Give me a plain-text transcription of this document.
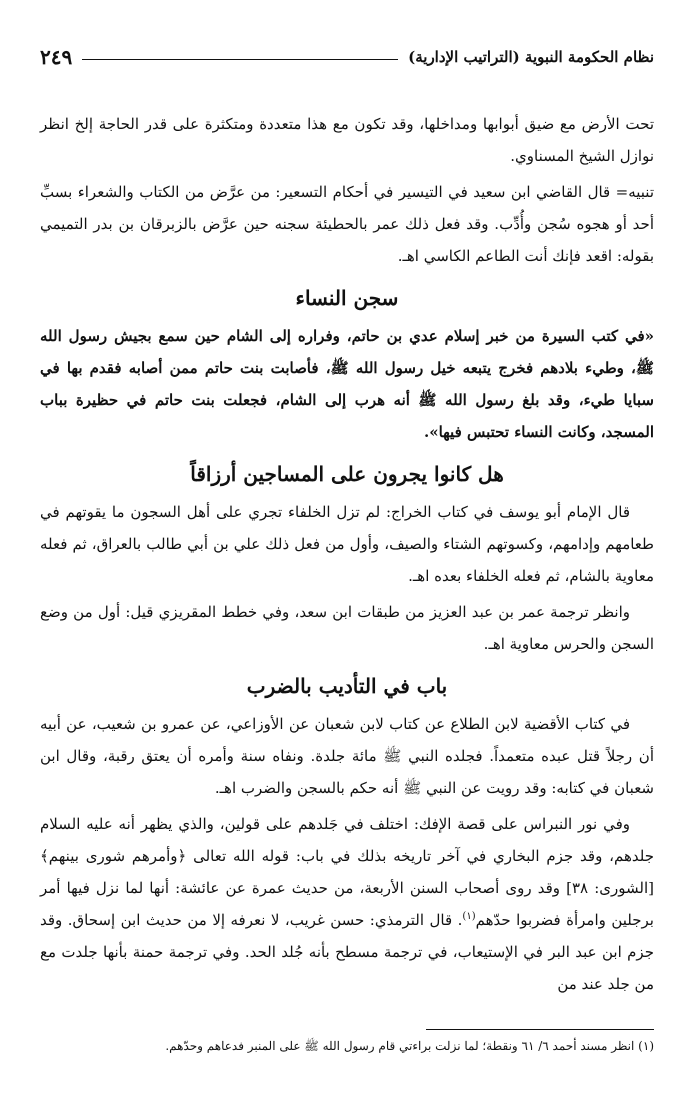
نظام الحكومة النبوية (التراتيب الإدارية)
٢٤٩

تحت الأرض مع ضيق أبوابها ومداخلها، وقد تكون مع هذا متعددة ومتكثرة على قدر الحاجة إلخ انظر نوازل الشيخ المسناوي.

تنبيه= قال القاضي ابن سعيد في التيسير في أحكام التسعير: من عرَّض من الكتاب والشعراء بسبِّ أحد أو هجوه سُجن وأُدِّب. وقد فعل ذلك عمر بالحطيئة سجنه حين عرَّض بالزبرقان بن بدر التميمي بقوله: اقعد فإنك أنت الطاعم الكاسي اهـ.

سجن النساء

«في كتب السيرة من خبر إسلام عدي بن حاتم، وفراره إلى الشام حين سمع بجيش رسول الله ﷺ، وطيء بلادهم فخرج يتبعه خيل رسول الله ﷺ، فأصابت بنت حاتم ممن أصابه فقدم بها في سبايا طيء، وقد بلغ رسول الله ﷺ أنه هرب إلى الشام، فجعلت بنت حاتم في حظيرة بباب المسجد، وكانت النساء تحتبس فيها».

هل كانوا يجرون على المساجين أرزاقاً

قال الإمام أبو يوسف في كتاب الخراج: لم تزل الخلفاء تجري على أهل السجون ما يقوتهم في طعامهم وإدامهم، وكسوتهم الشتاء والصيف، وأول من فعل ذلك علي بن أبي طالب بالعراق، ثم فعله معاوية بالشام، ثم فعله الخلفاء بعده اهـ.

وانظر ترجمة عمر بن عبد العزيز من طبقات ابن سعد، وفي خطط المقريزي قيل: أول من وضع السجن والحرس معاوية اهـ.

باب في التأديب بالضرب

في كتاب الأقضية لابن الطلاع عن كتاب لابن شعبان عن الأوزاعي، عن عمرو بن شعيب، عن أبيه أن رجلاً قتل عبده متعمداً. فجلده النبي ﷺ مائة جلدة. ونفاه سنة وأمره أن يعتق رقبة، وقال ابن شعبان في كتابه: وقد رويت عن النبي ﷺ أنه حكم بالسجن والضرب اهـ.

وفي نور النبراس على قصة الإفك: اختلف في جَلدهم على قولين، والذي يظهر أنه عليه السلام جلدهم، وقد جزم البخاري في آخر تاريخه بذلك في باب: قوله الله تعالى ﴿وأمرهم شورى بينهم﴾ [الشورى: ٣٨] وقد روى أصحاب السنن الأربعة، من حديث عمرة عن عائشة: أنها لما نزل فيها أمر برجلين وامرأة فضربوا حدّهم$^{(١)}$. قال الترمذي: حسن غريب، لا نعرفه إلا من حديث ابن إسحاق. وقد جزم ابن عبد البر في الإستيعاب، في ترجمة مسطح بأنه جُلد الحد. وفي ترجمة حمنة بأنها جلدت مع من جلد عند من

(١) انظر مسند أحمد ٦/ ٦١ ونقطة؛ لما نزلت براءتي قام رسول الله ﷺ على المنبر فدعاهم وحدّهم.
